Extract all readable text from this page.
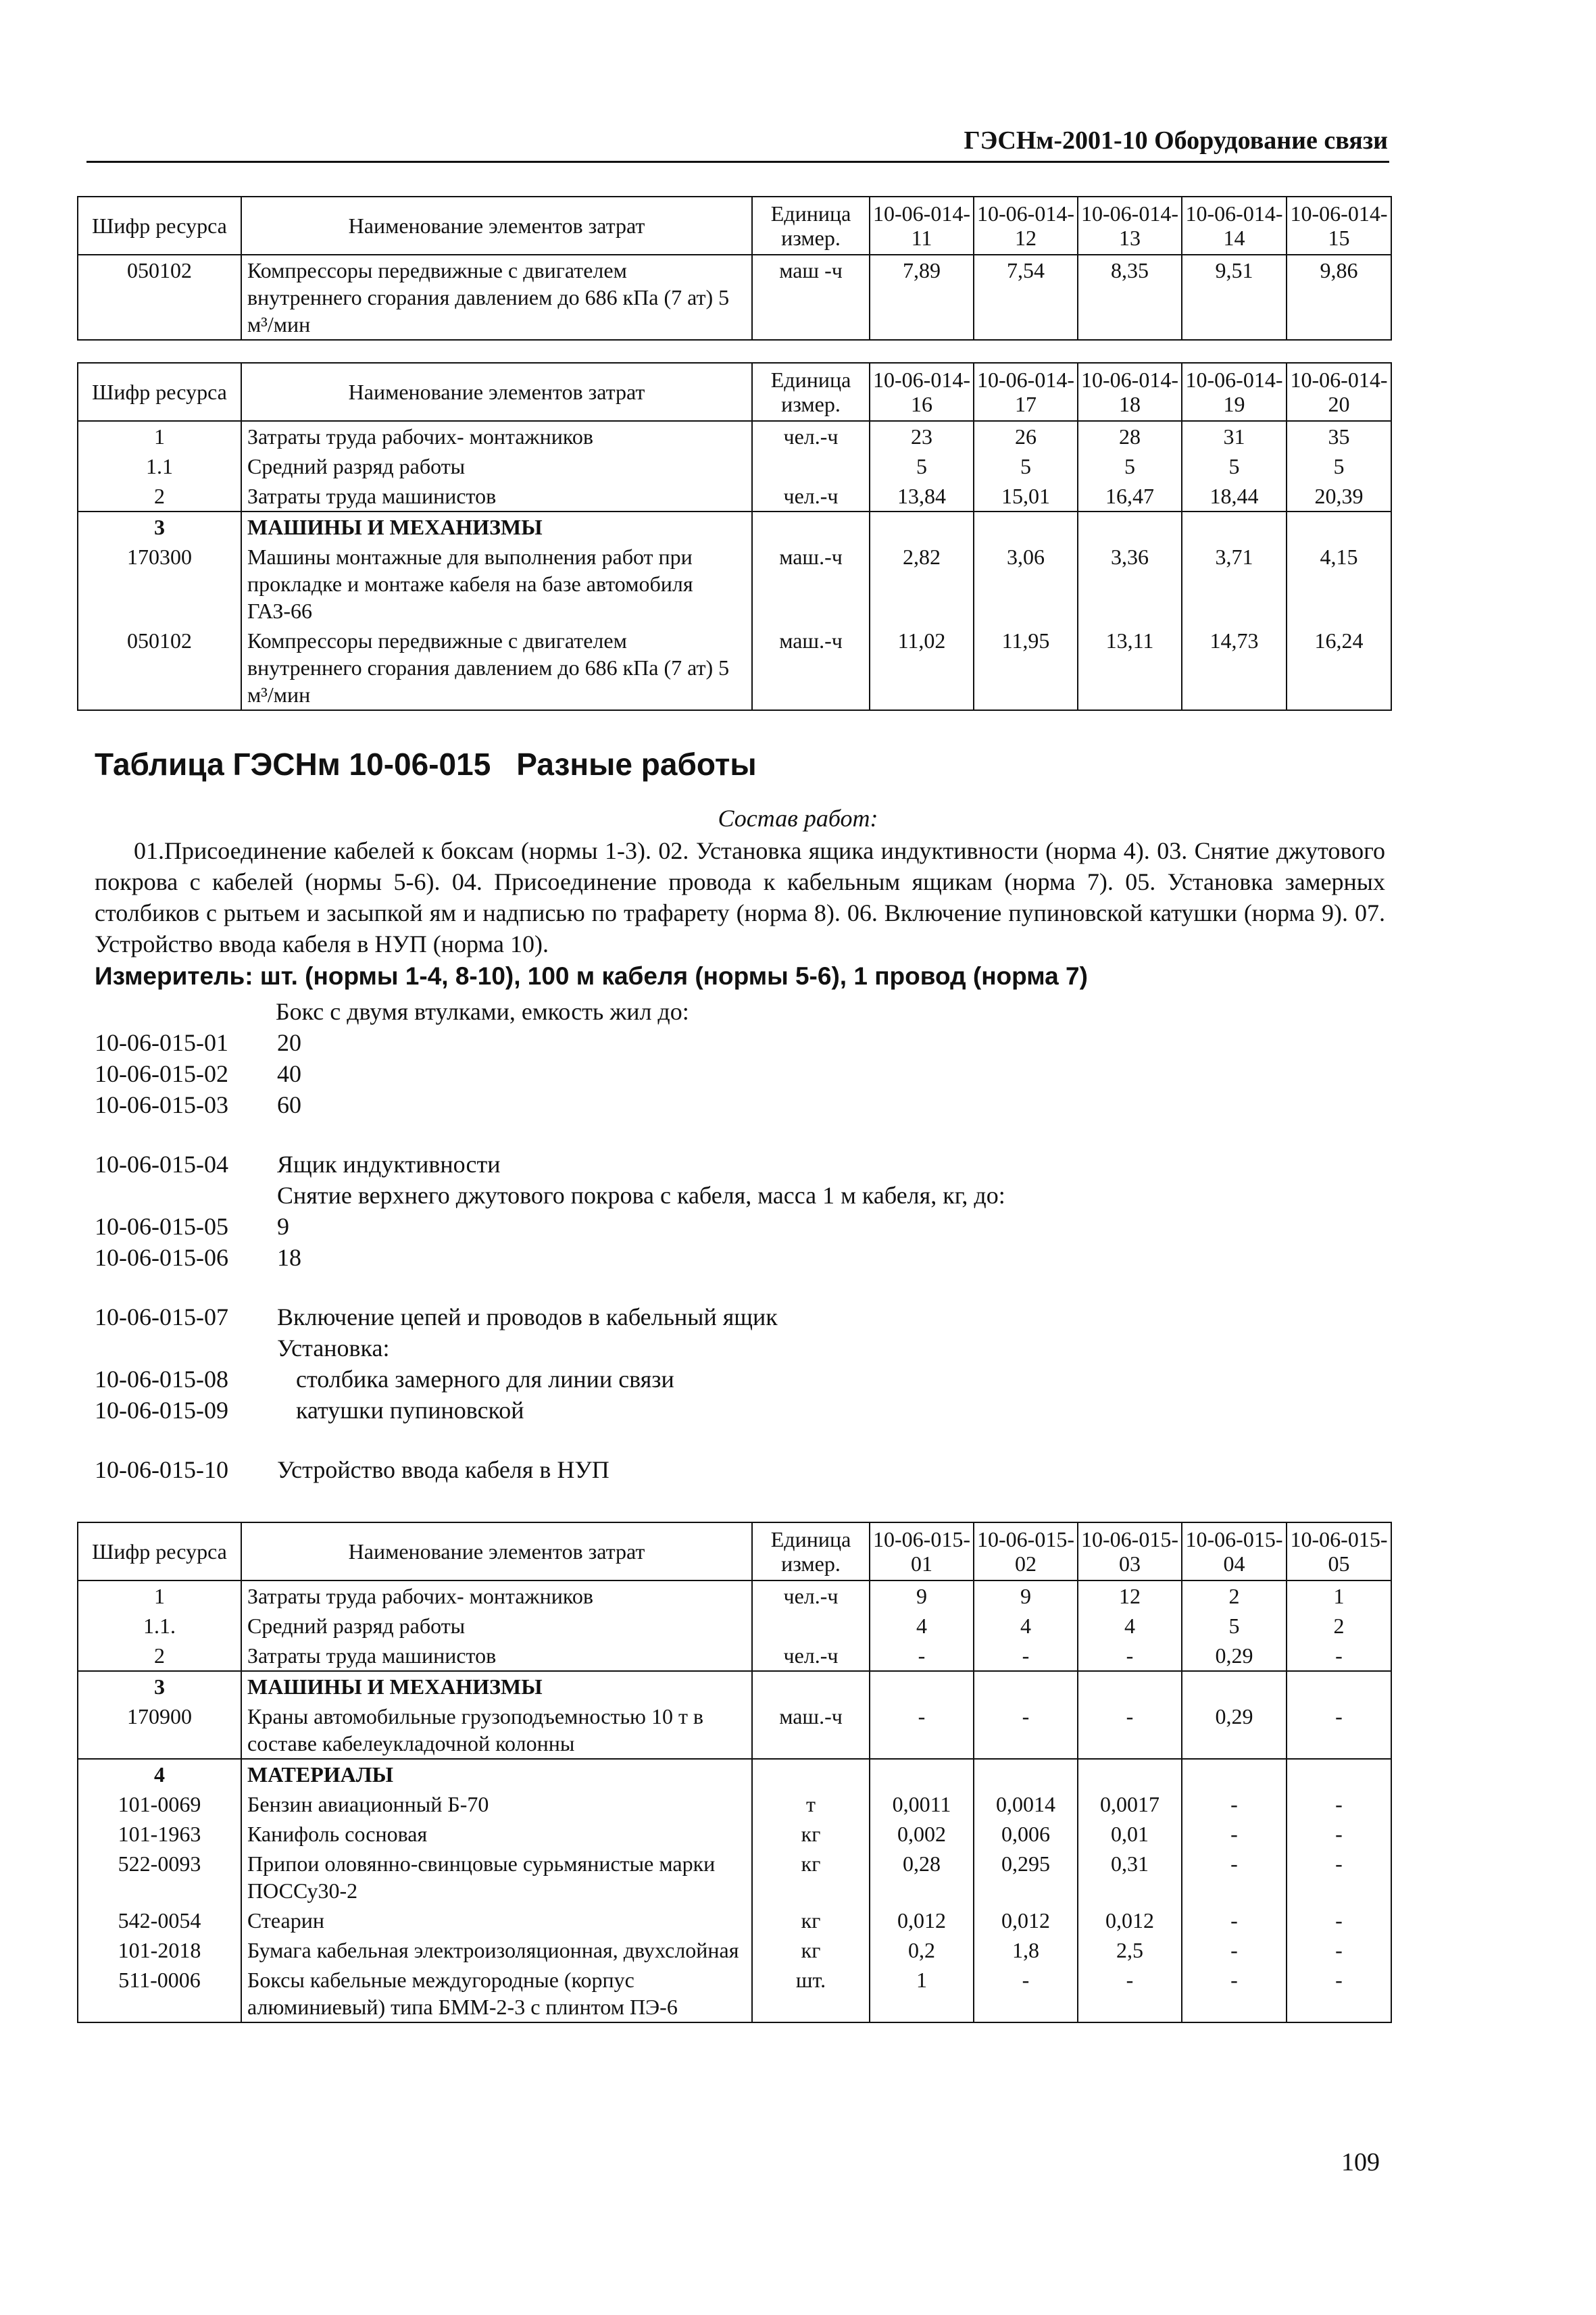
ГЭСНм-2001-10 Оборудование связи
Шифр ресурса	Наименование элементов затрат	Единица измер.	10-06-014-11	10-06-014-12	10-06-014-13	10-06-014-14	10-06-014-15
050102	Компрессоры передвижные с двигателем внутреннего сгорания давлением до 686 кПа (7 ат) 5 м³/мин	маш -ч	7,89	7,54	8,35	9,51	9,86
Шифр ресурса	Наименование элементов затрат	Единица измер.	10-06-014-16	10-06-014-17	10-06-014-18	10-06-014-19	10-06-014-20
1	Затраты труда рабочих- монтажников	чел.-ч	23	26	28	31	35
1.1	Средний разряд работы		5	5	5	5	5
2	Затраты труда машинистов	чел.-ч	13,84	15,01	16,47	18,44	20,39
3	МАШИНЫ И МЕХАНИЗМЫ						
170300	Машины монтажные для выполнения работ при прокладке и монтаже кабеля на базе автомобиля ГАЗ-66	маш.-ч	2,82	3,06	3,36	3,71	4,15
050102	Компрессоры передвижные с двигателем внутреннего сгорания давлением до 686 кПа (7 ат) 5 м³/мин	маш.-ч	11,02	11,95	13,11	14,73	16,24
Таблица ГЭСНм 10-06-015 Разные работы
Состав работ:
01.Присоединение кабелей к боксам (нормы 1-3). 02. Установка ящика индуктивности (норма 4). 03. Снятие джутового покрова с кабелей (нормы 5-6). 04. Присоединение провода к кабельным ящикам (норма 7). 05. Установка замерных столбиков с рытьем и засыпкой ям и надписью по трафарету (норма 8). 06. Включение пупиновской катушки (норма 9). 07. Устройство ввода кабеля в НУП (норма 10).
Измеритель: шт. (нормы 1-4, 8-10), 100 м кабеля (нормы 5-6), 1 провод (норма 7)
Бокс с двумя втулками, емкость жил до:
10-06-015-01 20
10-06-015-02 40
10-06-015-03 60
10-06-015-04 Ящик индуктивности
Снятие верхнего джутового покрова с кабеля, масса 1 м кабеля, кг, до:
10-06-015-05 9
10-06-015-06 18
10-06-015-07 Включение цепей и проводов в кабельный ящик
Установка:
10-06-015-08	столбика замерного для линии связи
10-06-015-09	катушки пупиновской
10-06-015-10 Устройство ввода кабеля в НУП
Шифр ресурса	Наименование элементов затрат	Единица измер.	10-06-015-01	10-06-015-02	10-06-015-03	10-06-015-04	10-06-015-05
1	Затраты труда рабочих- монтажников	чел.-ч	9	9	12	2	1
1.1.	Средний разряд работы		4	4	4	5	2
2	Затраты труда машинистов	чел.-ч	-	-	-	0,29	-
3	МАШИНЫ И МЕХАНИЗМЫ						
170900	Краны автомобильные грузоподъемностью 10 т в составе кабелеукладочной колонны	маш.-ч	-	-	-	0,29	-
4	МАТЕРИАЛЫ						
101-0069	Бензин авиационный Б-70	т	0,0011	0,0014	0,0017	-	-
101-1963	Канифоль сосновая	кг	0,002	0,006	0,01	-	-
522-0093	Припои оловянно-свинцовые сурьмянистые марки ПОССу30-2	кг	0,28	0,295	0,31	-	-
542-0054	Стеарин	кг	0,012	0,012	0,012	-	-
101-2018	Бумага кабельная электроизоляционная, двухслойная	кг	0,2	1,8	2,5	-	-
511-0006	Боксы кабельные междугородные (корпус алюминиевый) типа БММ-2-3 с плинтом ПЭ-6	шт.	1	-	-	-	-
109
